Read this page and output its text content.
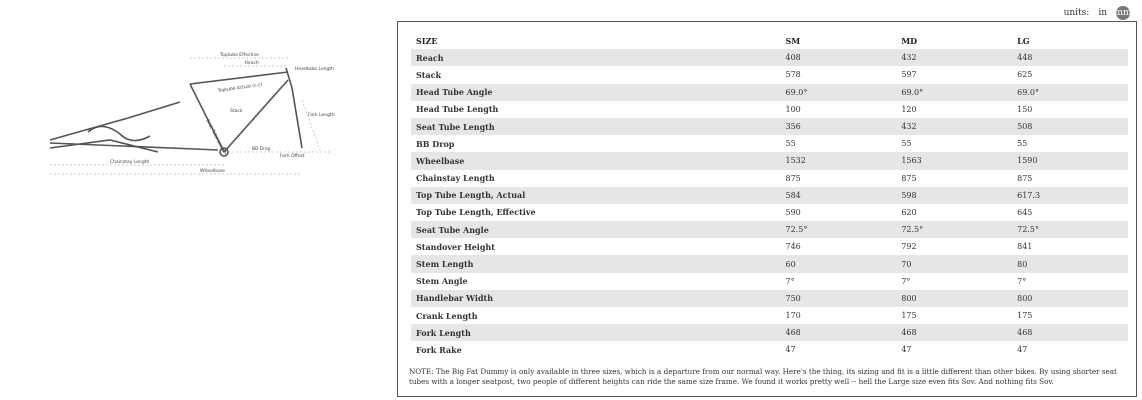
Toptube Effective
Reach
Headtube Length
Toptube Actual (c-c)
Stack
Seat Tube Length
Fork Length
BB Drop
Fork Offset
Chainstay Length
Wheelbase
units:	in mm
SIZE	SM	MD	LG
Reach	408	432	448
Stack	578	597	625
Head Tube Angle	69.0°	69.0°	69.0°
Head Tube Length	100	120	150
Seat Tube Length	356	432	508
BB Drop	55	55	55
Wheelbase	1532	1563	1590
Chainstay Length	875	875	875
Top Tube Length, Actual	584	598	617.3
Top Tube Length, Effective	590	620	645
Seat Tube Angle	72.5°	72.5°	72.5°
Standover Height	746	792	841
Stem Length	60	70	80
Stem Angle	7°	7°	7°
Handlebar Width	750	800	800
Crank Length	170	175	175
Fork Length	468	468	468
Fork Rake	47	47	47
NOTE: The Big Fat Dummy is only available in three sizes, which is a departure from our normal way. Here's the thing, its sizing and fit is a little different than other bikes. By using shorter seat tubes with a longer seatpost, two people of different heights can ride the same size frame. We found it works pretty well -- hell the Large size even fits Sov. And nothing fits Sov.
